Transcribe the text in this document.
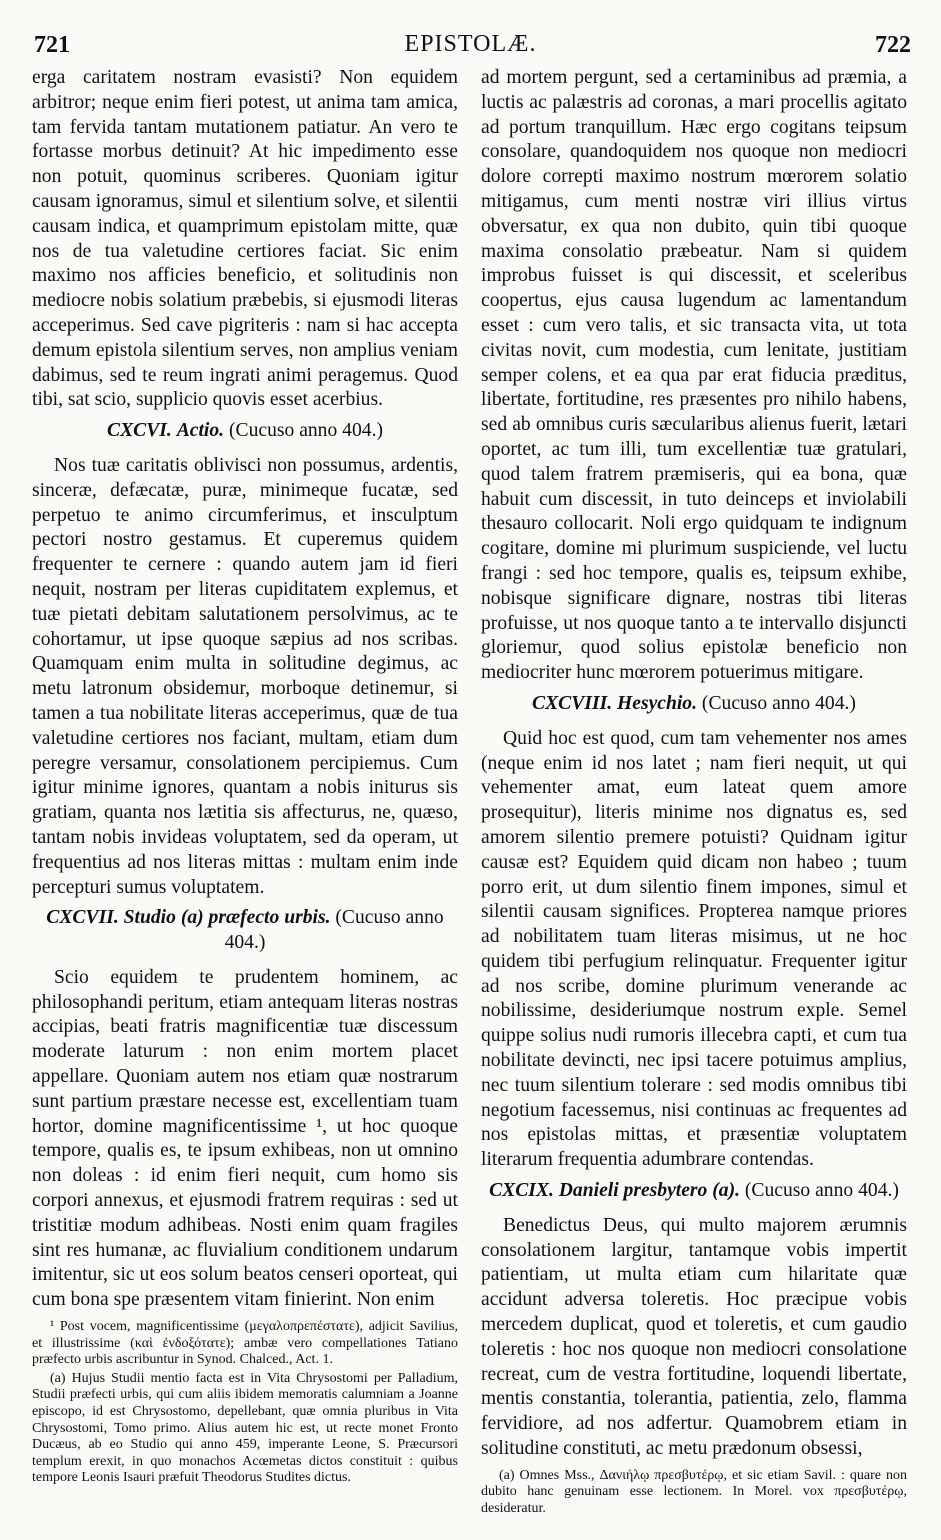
721	EPISTOLÆ.	722

erga caritatem nostram evasisti? Non equidem arbitror; neque enim fieri potest, ut anima tam amica, tam fervida tantam mutationem patiatur. An vero te fortasse morbus detinuit? At hic impedimento esse non potuit, quominus scriberes. Quoniam igitur causam ignoramus, simul et silentium solve, et silentii causam indica, et quamprimum epistolam mitte, quæ nos de tua valetudine certiores faciat. Sic enim maximo nos afficies beneficio, et solitudinis non mediocre nobis solatium præbebis, si ejusmodi literas acceperimus. Sed cave pigriteris : nam si hac accepta demum epistola silentium serves, non amplius veniam dabimus, sed te reum ingrati animi peragemus. Quod tibi, sat scio, supplicio quovis esset acerbius.

CXCVI. Actio. (Cucuso anno 404.)

Nos tuæ caritatis oblivisci non possumus, ardentis, sinceræ, defæcatæ, puræ, minimeque fucatæ, sed perpetuo te animo circumferimus, et insculptum pectori nostro gestamus. Et cuperemus quidem frequenter te cernere : quando autem jam id fieri nequit, nostram per literas cupiditatem explemus, et tuæ pietati debitam salutationem persolvimus, ac te cohortamur, ut ipse quoque sæpius ad nos scribas. Quamquam enim multa in solitudine degimus, ac metu latronum obsidemur, morboque detinemur, si tamen a tua nobilitate literas acceperimus, quæ de tua valetudine certiores nos faciant, multam, etiam dum peregre versamur, consolationem percipiemus. Cum igitur minime ignores, quantam a nobis initurus sis gratiam, quanta nos lætitia sis affecturus, ne, quæso, tantam nobis invideas voluptatem, sed da operam, ut frequentius ad nos literas mittas : multam enim inde percepturi sumus voluptatem.

CXCVII. Studio (a) præfecto urbis. (Cucuso anno 404.)

Scio equidem te prudentem hominem, ac philosophandi peritum, etiam antequam literas nostras accipias, beati fratris magnificentiæ tuæ discessum moderate laturum : non enim mortem placet appellare. Quoniam autem nos etiam quæ nostrarum sunt partium præstare necesse est, excellentiam tuam hortor, domine magnificentissime ¹, ut hoc quoque tempore, qualis es, te ipsum exhibeas, non ut omnino non doleas : id enim fieri nequit, cum homo sis corpori annexus, et ejusmodi fratrem requiras : sed ut tristitiæ modum adhibeas. Nosti enim quam fragiles sint res humanæ, ac fluvialium conditionem undarum imitentur, sic ut eos solum beatos censeri oporteat, qui cum bona spe præsentem vitam finierint. Non enim

¹ Post vocem, magnificentissime (μεγαλοπρεπέστατε), adjicit Savilius, et illustrissime (καὶ ἐνδοξότατε); ambæ vero compellationes Tatiano præfecto urbis ascribuntur in Synod. Chalced., Act. 1.

(a) Hujus Studii mentio facta est in Vita Chrysostomi per Palladium, Studii præfecti urbis, qui cum aliis ibidem memoratis calumniam a Joanne episcopo, id est Chrysostomo, depellebant, quæ omnia pluribus in Vita Chrysostomi, Tomo primo. Alius autem hic est, ut recte monet Fronto Ducæus, ab eo Studio qui anno 459, imperante Leone, S. Præcursori templum erexit, in quo monachos Acœmetas dictos constituit : quibus tempore Leonis Isauri præfuit Theodorus Studites dictus.

ad mortem pergunt, sed a certaminibus ad præmia, a luctis ac palæstris ad coronas, a mari procellis agitato ad portum tranquillum. Hæc ergo cogitans teipsum consolare, quandoquidem nos quoque non mediocri dolore correpti maximo nostrum mœrorem solatio mitigamus, cum menti nostræ viri illius virtus obversatur, ex qua non dubito, quin tibi quoque maxima consolatio præbeatur. Nam si quidem improbus fuisset is qui discessit, et sceleribus coopertus, ejus causa lugendum ac lamentandum esset : cum vero talis, et sic transacta vita, ut tota civitas novit, cum modestia, cum lenitate, justitiam semper colens, et ea qua par erat fiducia præditus, libertate, fortitudine, res præsentes pro nihilo habens, sed ab omnibus curis sæcularibus alienus fuerit, lætari oportet, ac tum illi, tum excellentiæ tuæ gratulari, quod talem fratrem præmiseris, qui ea bona, quæ habuit cum discessit, in tuto deinceps et inviolabili thesauro collocarit. Noli ergo quidquam te indignum cogitare, domine mi plurimum suspiciende, vel luctu frangi : sed hoc tempore, qualis es, teipsum exhibe, nobisque significare dignare, nostras tibi literas profuisse, ut nos quoque tanto a te intervallo disjuncti gloriemur, quod solius epistolæ beneficio non mediocriter hunc mœrorem potuerimus mitigare.

CXCVIII. Hesychio. (Cucuso anno 404.)

Quid hoc est quod, cum tam vehementer nos ames (neque enim id nos latet ; nam fieri nequit, ut qui vehementer amat, eum lateat quem amore prosequitur), literis minime nos dignatus es, sed amorem silentio premere potuisti? Quidnam igitur causæ est? Equidem quid dicam non habeo ; tuum porro erit, ut dum silentio finem impones, simul et silentii causam significes. Propterea namque priores ad nobilitatem tuam literas misimus, ut ne hoc quidem tibi perfugium relinquatur. Frequenter igitur ad nos scribe, domine plurimum venerande ac nobilissime, desideriumque nostrum exple. Semel quippe solius nudi rumoris illecebra capti, et cum tua nobilitate devincti, nec ipsi tacere potuimus amplius, nec tuum silentium tolerare : sed modis omnibus tibi negotium facessemus, nisi continuas ac frequentes ad nos epistolas mittas, et præsentiæ voluptatem literarum frequentia adumbrare contendas.

CXCIX. Danieli presbytero (a). (Cucuso anno 404.)

Benedictus Deus, qui multo majorem ærumnis consolationem largitur, tantamque vobis impertit patientiam, ut multa etiam cum hilaritate quæ accidunt adversa toleretis. Hoc præcipue vobis mercedem duplicat, quod et toleretis, et cum gaudio toleretis : hoc nos quoque non mediocri consolatione recreat, cum de vestra fortitudine, loquendi libertate, mentis constantia, tolerantia, patientia, zelo, flamma fervidiore, ad nos adfertur. Quamobrem etiam in solitudine constituti, ac metu prædonum obsessi,

(a) Omnes Mss., Δανιήλῳ πρεσβυτέρῳ, et sic etiam Savil. : quare non dubito hanc genuinam esse lectionem. In Morel. vox πρεσβυτέρῳ, desideratur.
